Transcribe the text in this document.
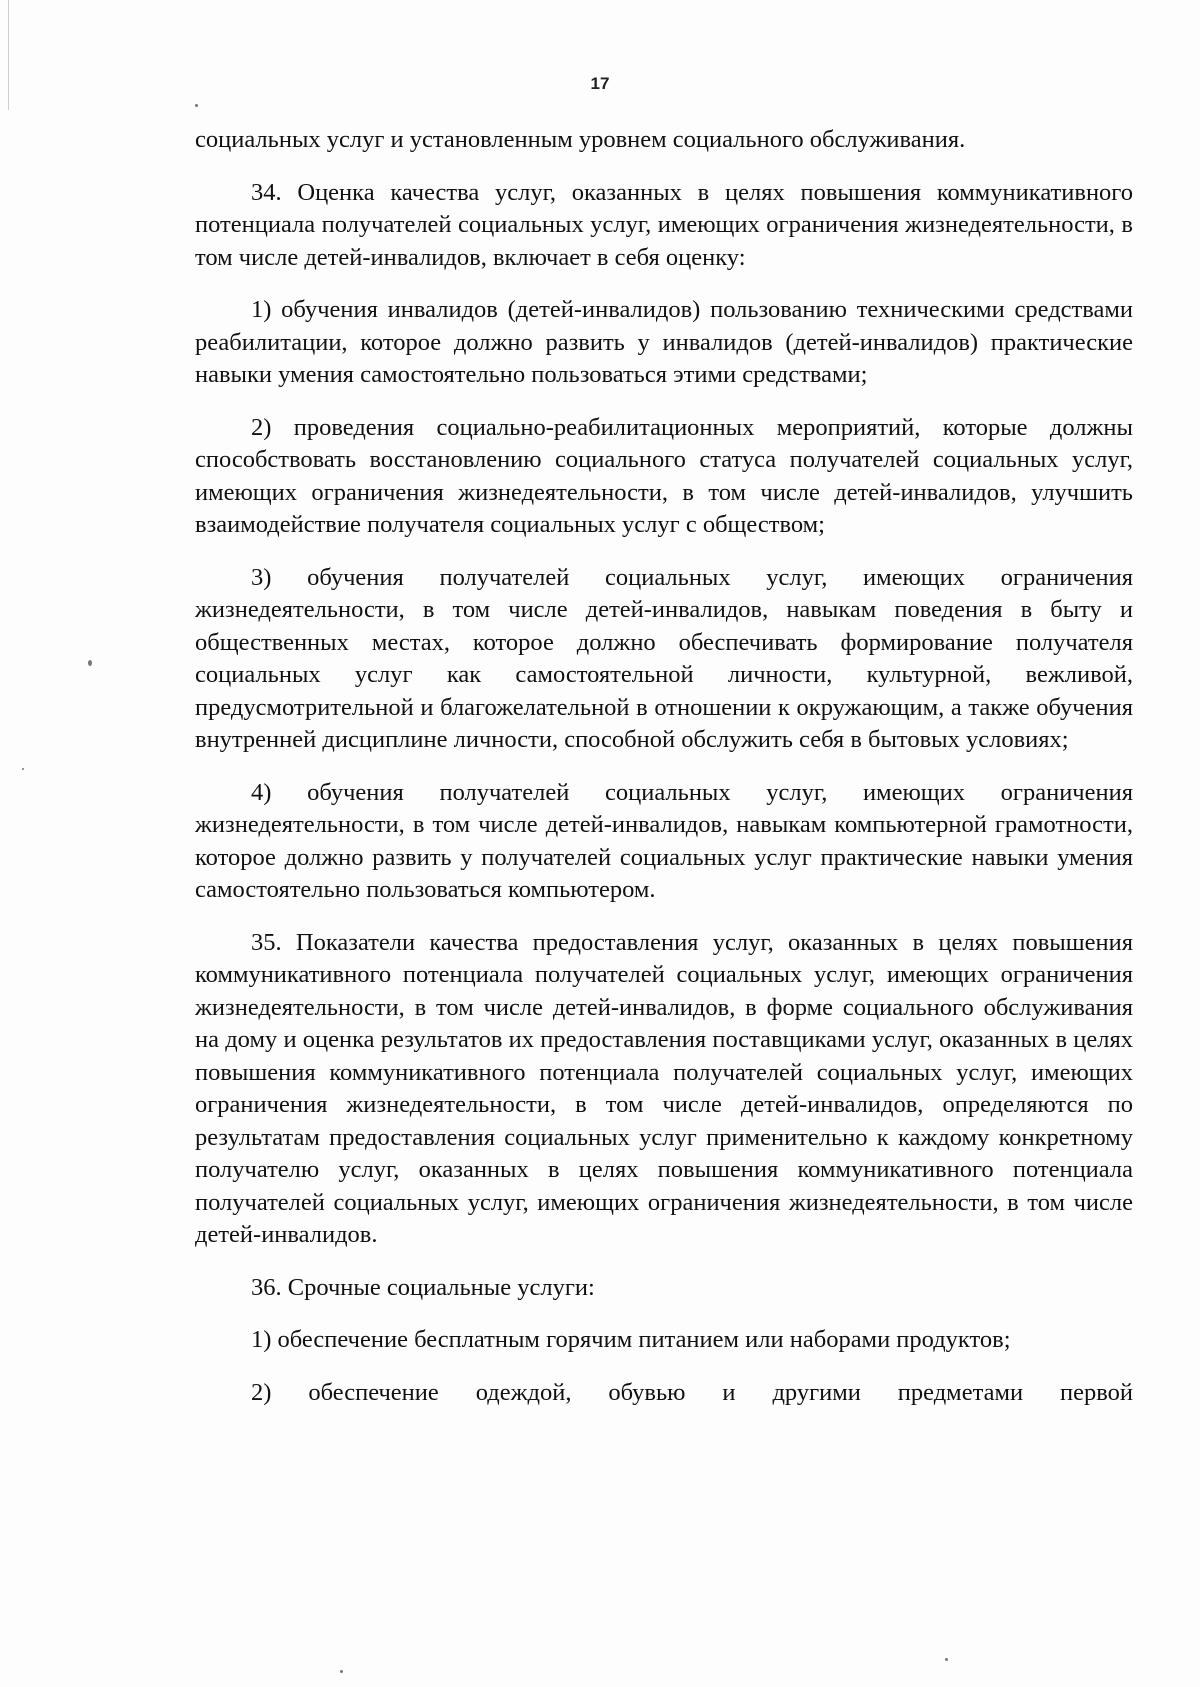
17

социальных услуг и установленным уровнем социального обслуживания.

34. Оценка качества услуг, оказанных в целях повышения коммуникативного потенциала получателей социальных услуг, имеющих ограничения жизнедеятельности, в том числе детей-инвалидов, включает в себя оценку:

1) обучения инвалидов (детей-инвалидов) пользованию техническими средствами реабилитации, которое должно развить у инвалидов (детей-инвалидов) практические навыки умения самостоятельно пользоваться этими средствами;

2) проведения социально-реабилитационных мероприятий, которые должны способствовать восстановлению социального статуса получателей социальных услуг, имеющих ограничения жизнедеятельности, в том числе детей-инвалидов, улучшить взаимодействие получателя социальных услуг с обществом;

3) обучения получателей социальных услуг, имеющих ограничения жизнедеятельности, в том числе детей-инвалидов, навыкам поведения в быту и общественных местах, которое должно обеспечивать формирование получателя социальных услуг как самостоятельной личности, культурной, вежливой, предусмотрительной и благожелательной в отношении к окружающим, а также обучения внутренней дисциплине личности, способной обслужить себя в бытовых условиях;

4) обучения получателей социальных услуг, имеющих ограничения жизнедеятельности, в том числе детей-инвалидов, навыкам компьютерной грамотности, которое должно развить у получателей социальных услуг практические навыки умения самостоятельно пользоваться компьютером.

35. Показатели качества предоставления услуг, оказанных в целях повышения коммуникативного потенциала получателей социальных услуг, имеющих ограничения жизнедеятельности, в том числе детей-инвалидов, в форме социального обслуживания на дому и оценка результатов их предоставления поставщиками услуг, оказанных в целях повышения коммуникативного потенциала получателей социальных услуг, имеющих ограничения жизнедеятельности, в том числе детей-инвалидов, определяются по результатам предоставления социальных услуг применительно к каждому конкретному получателю услуг, оказанных в целях повышения коммуникативного потенциала получателей социальных услуг, имеющих ограничения жизнедеятельности, в том числе детей-инвалидов.

36. Срочные социальные услуги:

1) обеспечение бесплатным горячим питанием или наборами продуктов;

2) обеспечение одеждой, обувью и другими предметами первой
